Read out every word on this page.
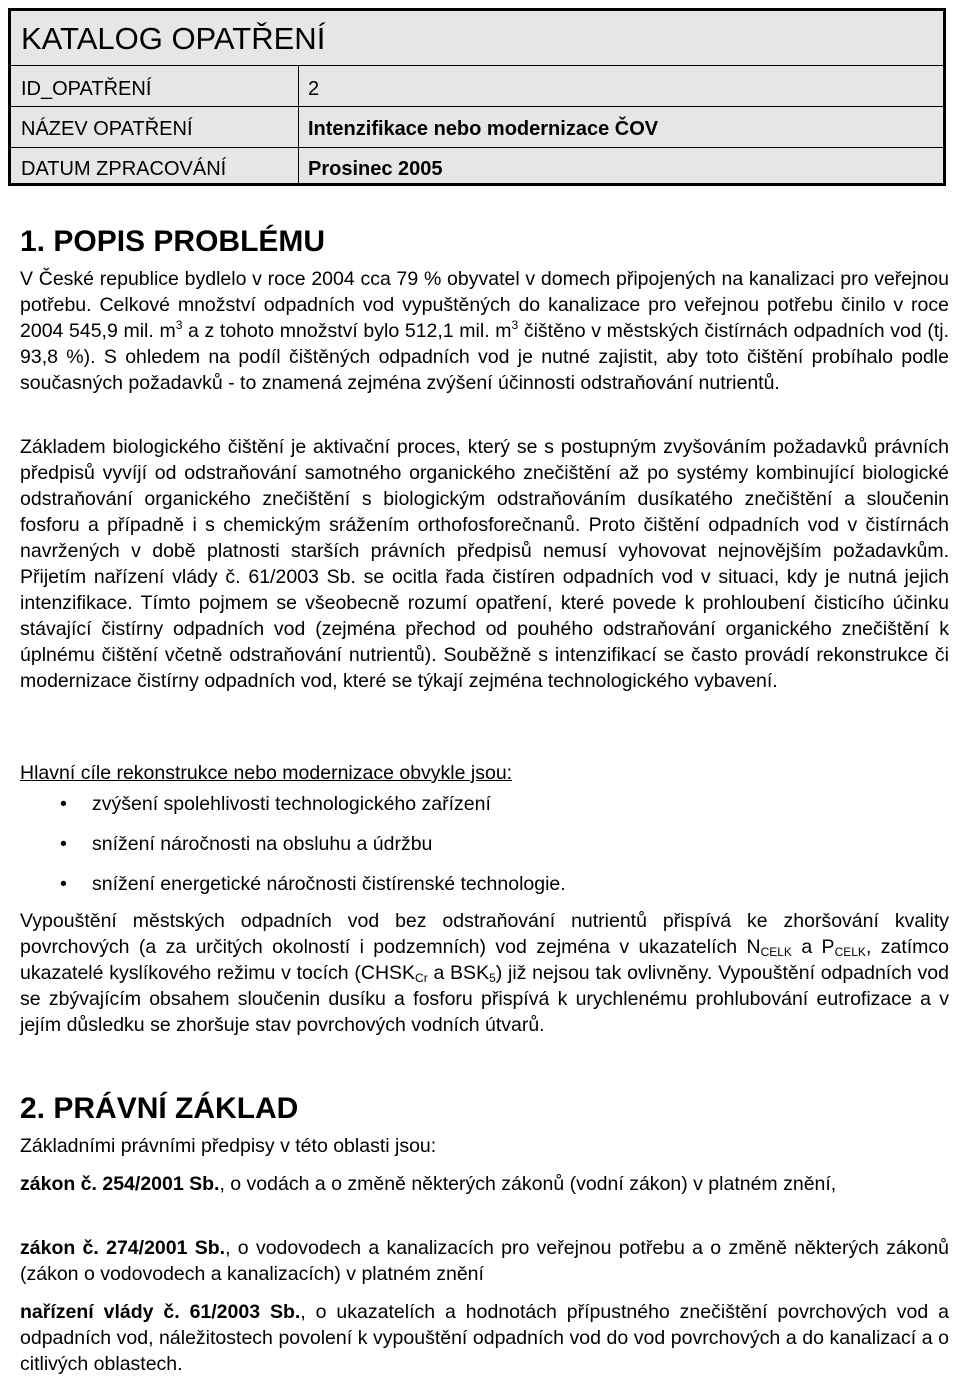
KATALOG OPATŘENÍ
ID_OPATŘENÍ	2
NÁZEV OPATŘENÍ	Intenzifikace nebo modernizace ČOV
DATUM ZPRACOVÁNÍ	Prosinec 2005
1. POPIS PROBLÉMU

V České republice bydlelo v roce 2004 cca 79 % obyvatel v domech připojených na kanalizaci pro veřejnou potřebu. Celkové množství odpadních vod vypuštěných do kanalizace pro veřejnou potřebu činilo v roce 2004 545,9 mil. $m^3$ a z tohoto množství bylo 512,1 mil. $m^3$ čištěno v městských čistírnách odpadních vod (tj. 93,8 %). S ohledem na podíl čištěných odpadních vod je nutné zajistit, aby toto čištění probíhalo podle současných požadavků - to znamená zejména zvýšení účinnosti odstraňování nutrientů.

Základem biologického čištění je aktivační proces, který se s postupným zvyšováním požadavků právních předpisů vyvíjí od odstraňování samotného organického znečištění až po systémy kombinující biologické odstraňování organického znečištění s biologickým odstraňováním dusíkatého znečištění a sloučenin fosforu a případně i s chemickým srážením orthofosforečnanů. Proto čištění odpadních vod v čistírnách navržených v době platnosti starších právních předpisů nemusí vyhovovat nejnovějším požadavkům. Přijetím nařízení vlády č. 61/2003 Sb. se ocitla řada čistíren odpadních vod v situaci, kdy je nutná jejich intenzifikace. Tímto pojmem se všeobecně rozumí opatření, které povede k prohloubení čisticího účinku stávající čistírny odpadních vod (zejména přechod od pouhého odstraňování organického znečištění k úplnému čištění včetně odstraňování nutrientů). Souběžně s intenzifikací se často provádí rekonstrukce či modernizace čistírny odpadních vod, které se týkají zejména technologického vybavení.

Hlavní cíle rekonstrukce nebo modernizace obvykle jsou:

• zvýšení spolehlivosti technologického zařízení
• snížení náročnosti na obsluhu a údržbu
• snížení energetické náročnosti čistírenské technologie.

Vypouštění městských odpadních vod bez odstraňování nutrientů přispívá ke zhoršování kvality povrchových (a za určitých okolností i podzemních) vod zejména v ukazatelích $N_{CELK}$ a $P_{CELK}$, zatímco ukazatelé kyslíkového režimu v tocích ($CHSK_{Cr}$ a $BSK_5$) již nejsou tak ovlivněny. Vypouštění odpadních vod se zbývajícím obsahem sloučenin dusíku a fosforu přispívá k urychlenému prohlubování eutrofizace a v jejím důsledku se zhoršuje stav povrchových vodních útvarů.

2. PRÁVNÍ ZÁKLAD

Základními právními předpisy v této oblasti jsou:

zákon č. 254/2001 Sb., o vodách a o změně některých zákonů (vodní zákon) v platném znění,

zákon č. 274/2001 Sb., o vodovodech a kanalizacích pro veřejnou potřebu a o změně některých zákonů (zákon o vodovodech a kanalizacích) v platném znění

nařízení vlády č. 61/2003 Sb., o ukazatelích a hodnotách přípustného znečištění povrchových vod a odpadních vod, náležitostech povolení k vypouštění odpadních vod do vod povrchových a do kanalizací a o citlivých oblastech.
